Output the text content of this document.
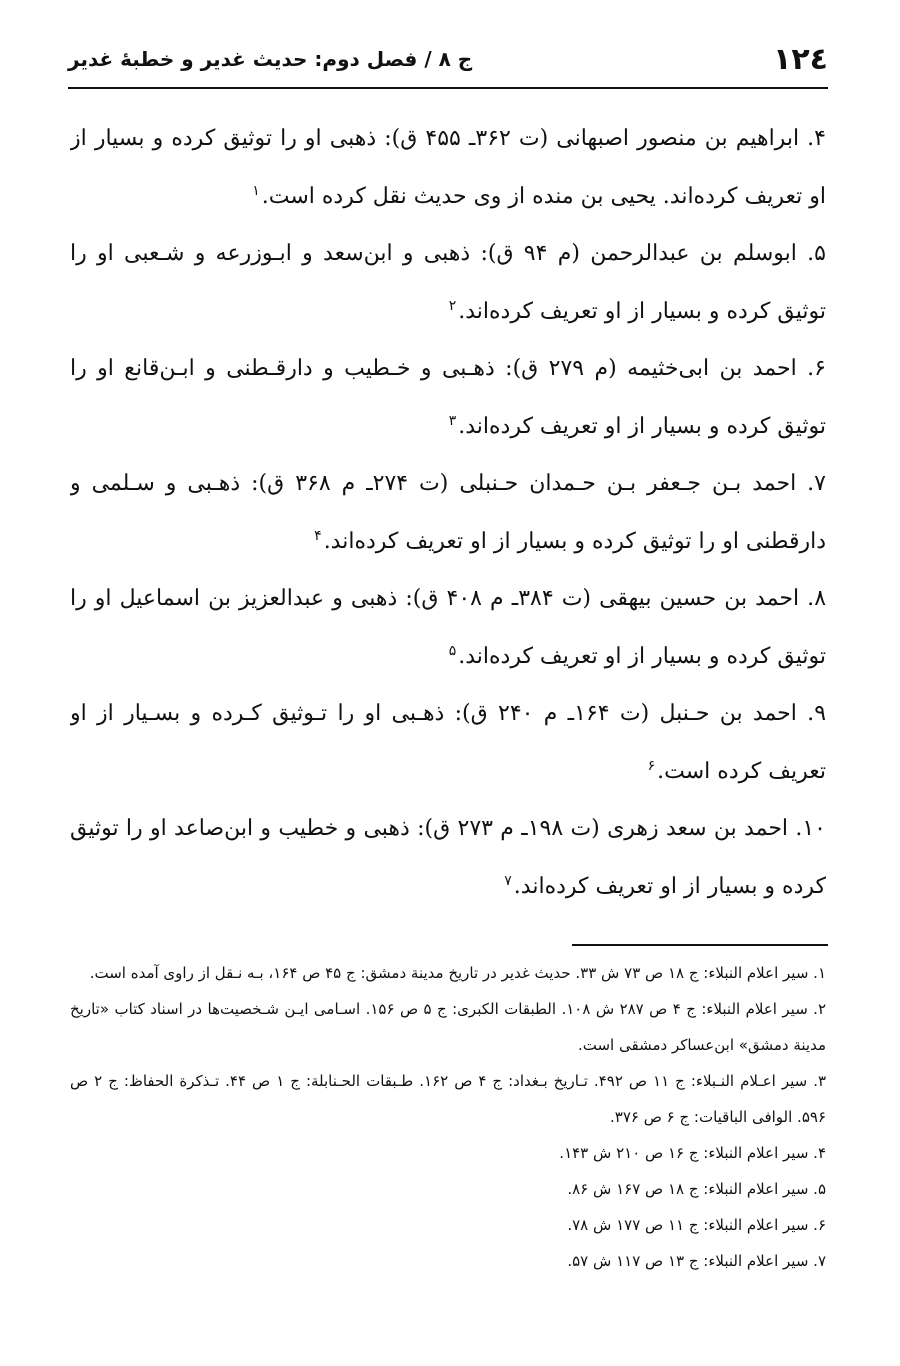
۱۲٤
ج ۸ / فصل دوم: حديث غدير و خطبهٔ غدير

۴. ابراهيم بن منصور اصبهانی (ت ۳۶۲ـ ۴۵۵ ق): ذهبی او را توثيق كرده و بسيار از او تعريف كرده‌اند. يحيی بن منده از وی حديث نقل كرده است.$^۱$

۵. ابوسلم بن عبدالرحمن (م ۹۴ ق): ذهبی و ابن‌سعد و ابـوزرعه و شـعبی او را توثيق كرده و بسيار از او تعريف كرده‌اند.$^۲$

۶. احمد بن ابی‌خثيمه (م ۲۷۹ ق): ذهـبی و خـطيب و دارقـطنی و ابـن‌قانع او را توثيق كرده و بسيار از او تعريف كرده‌اند.$^۳$

۷. احمد بـن جـعفر بـن حـمدان حـنبلی (ت ۲۷۴ـ م ۳۶۸ ق): ذهـبی و سـلمی و دارقطنی او را توثيق كرده و بسيار از او تعريف كرده‌اند.$^۴$

۸. احمد بن حسين بيهقی (ت ۳۸۴ـ م ۴۰۸ ق): ذهبی و عبدالعزيز بن اسماعيل او را توثيق كرده و بسيار از او تعريف كرده‌اند.$^۵$

۹. احمد بن حـنبل (ت ۱۶۴ـ م ۲۴۰ ق): ذهـبی او را تـوثيق كـرده و بسـيار از او تعريف كرده است.$^۶$

۱۰. احمد بن سعد زهری (ت ۱۹۸ـ م ۲۷۳ ق): ذهبی و خطيب و ابن‌صاعد او را توثيق كرده و بسيار از او تعريف كرده‌اند.$^۷$

۱. سير اعلام النبلاء: ج ۱۸ ص ۷۳ ش ۳۳. حديث غدير در تاريخ مدينة دمشق: ج ۴۵ ص ۱۶۴، بـه نـقل از راوی آمده است.
۲. سير اعلام النبلاء: ج ۴ ص ۲۸۷ ش ۱۰۸. الطبقات الكبری: ج ۵ ص ۱۵۶. اسـامی ايـن شـخصيت‌ها در اسناد كتاب «تاريخ مدينة دمشق» ابن‌عساكر دمشقی است.
۳. سير اعـلام النـبلاء: ج ۱۱ ص ۴۹۲. تـاريخ بـغداد: ج ۴ ص ۱۶۲. طـبقات الحـنابلة: ج ۱ ص ۴۴. تـذكرة الحفاظ: ج ۲ ص ۵۹۶. الوافی الباقيات: ج ۶ ص ۳۷۶.
۴. سير اعلام النبلاء: ج ۱۶ ص ۲۱۰ ش ۱۴۳.
۵. سير اعلام النبلاء: ج ۱۸ ص ۱۶۷ ش ۸۶.
۶. سير اعلام النبلاء: ج ۱۱ ص ۱۷۷ ش ۷۸.
۷. سير اعلام النبلاء: ج ۱۳ ص ۱۱۷ ش ۵۷.
